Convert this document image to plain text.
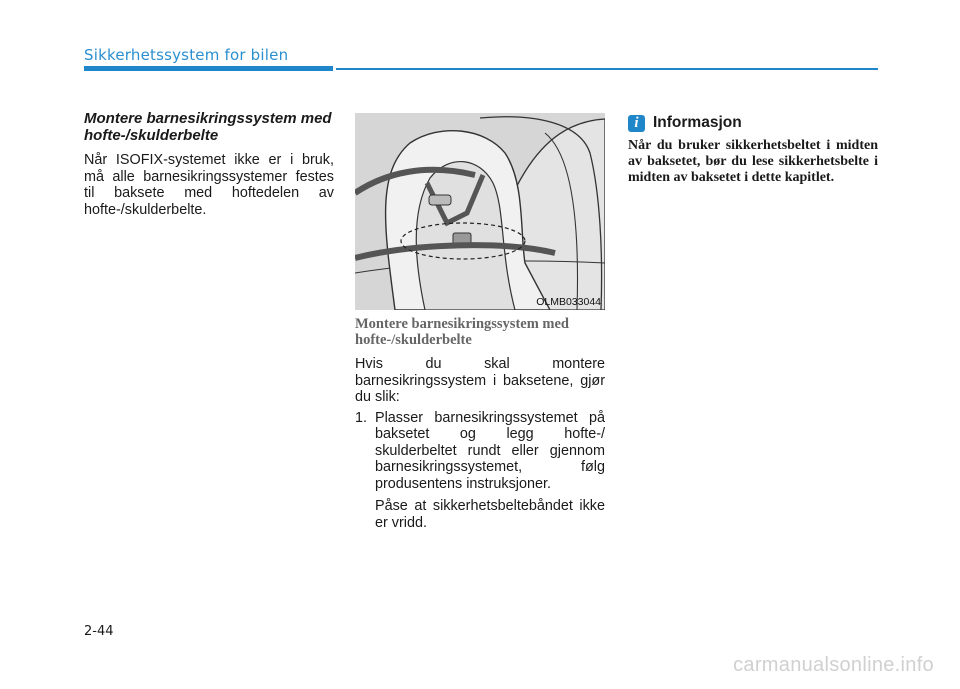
Sikkerhetssystem for bilen

Montere barnesikringssystem med hofte-/skulderbelte

Når ISOFIX-systemet ikke er i bruk, må alle barnesikringssystemer festes til baksete med hoftedelen av hofte-/skulderbelte.

OLMB033044

Montere barnesikringssystem med hofte-/skulderbelte

Hvis du skal montere barnesikringssystem i baksetene, gjør du slik:

1. Plasser barnesikringssystemet på baksetet og legg hofte-/ skulderbeltet rundt eller gjennom barnesikringssystemet, følg produsentens instruksjoner.

Påse at sikkerhetsbeltebåndet ikke er vridd.

i Informasjon

Når du bruker sikkerhetsbeltet i midten av baksetet, bør du lese sikkerhetsbelte i midten av baksetet i dette kapitlet.

2-44
carmanualsonline.info
